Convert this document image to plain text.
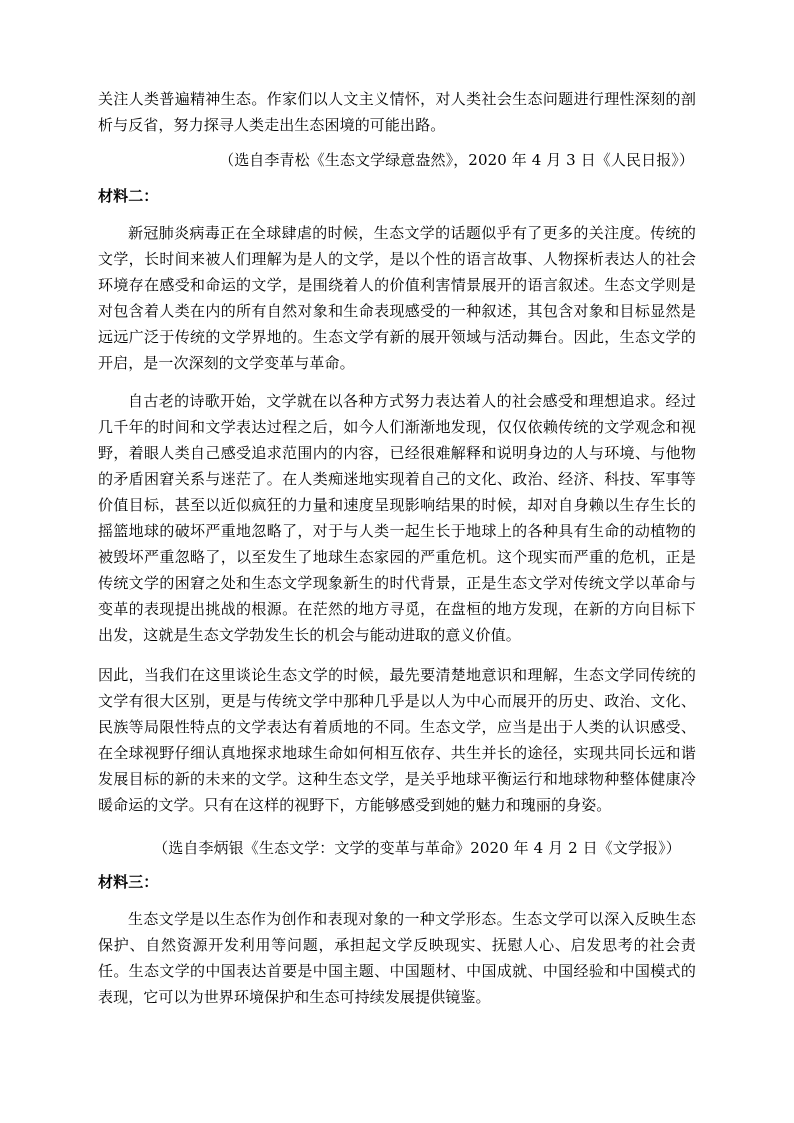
关注人类普遍精神生态。作家们以人文主义情怀，对人类社会生态问题进行理性深刻的剖析与反省，努力探寻人类走出生态困境的可能出路。

（选自李青松《生态文学绿意盎然》，2020 年 4 月 3 日《人民日报》）

材料二：

新冠肺炎病毒正在全球肆虐的时候，生态文学的话题似乎有了更多的关注度。传统的文学，长时间来被人们理解为是人的文学，是以个性的语言故事、人物探析表达人的社会环境存在感受和命运的文学，是围绕着人的价值利害情景展开的语言叙述。生态文学则是对包含着人类在内的所有自然对象和生命表现感受的一种叙述，其包含对象和目标显然是远远广泛于传统的文学界地的。生态文学有新的展开领域与活动舞台。因此，生态文学的开启，是一次深刻的文学变革与革命。

自古老的诗歌开始，文学就在以各种方式努力表达着人的社会感受和理想追求。经过几千年的时间和文学表达过程之后，如今人们渐渐地发现，仅仅依赖传统的文学观念和视野，着眼人类自己感受追求范围内的内容，已经很难解释和说明身边的人与环境、与他物的矛盾困窘关系与迷茫了。在人类痴迷地实现着自己的文化、政治、经济、科技、军事等价值目标，甚至以近似疯狂的力量和速度呈现影响结果的时候，却对自身赖以生存生长的摇篮地球的破坏严重地忽略了，对于与人类一起生长于地球上的各种具有生命的动植物的被毁坏严重忽略了，以至发生了地球生态家园的严重危机。这个现实而严重的危机，正是传统文学的困窘之处和生态文学现象新生的时代背景，正是生态文学对传统文学以革命与变革的表现提出挑战的根源。在茫然的地方寻觅，在盘桓的地方发现，在新的方向目标下出发，这就是生态文学勃发生长的机会与能动进取的意义价值。

因此，当我们在这里谈论生态文学的时候，最先要清楚地意识和理解，生态文学同传统的文学有很大区别，更是与传统文学中那种几乎是以人为中心而展开的历史、政治、文化、民族等局限性特点的文学表达有着质地的不同。生态文学，应当是出于人类的认识感受、在全球视野仔细认真地探求地球生命如何相互依存、共生并长的途径，实现共同长远和谐发展目标的新的未来的文学。这种生态文学，是关乎地球平衡运行和地球物种整体健康冷暖命运的文学。只有在这样的视野下，方能够感受到她的魅力和瑰丽的身姿。

（选自李炳银《生态文学：文学的变革与革命》2020 年 4 月 2 日《文学报》）

材料三：

生态文学是以生态作为创作和表现对象的一种文学形态。生态文学可以深入反映生态保护、自然资源开发利用等问题，承担起文学反映现实、抚慰人心、启发思考的社会责任。生态文学的中国表达首要是中国主题、中国题材、中国成就、中国经验和中国模式的表现，它可以为世界环境保护和生态可持续发展提供镜鉴。
